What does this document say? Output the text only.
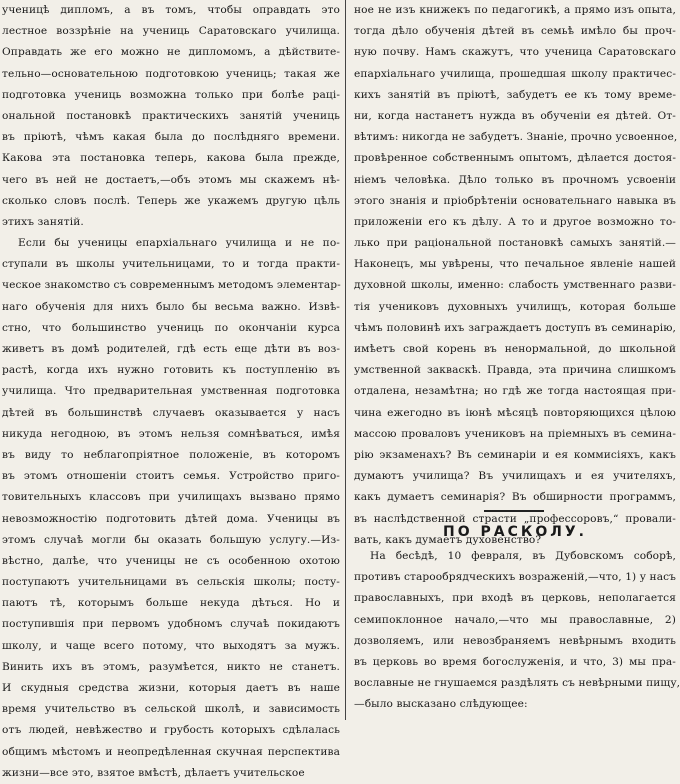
ученицѣ дипломъ, а въ томъ, чтобы оправдать это
лестное воззрѣніе на учениць Саратовскаго училища.
Оправдать же его можно не дипломомъ, а дѣйствите-
тельно—основательною подготовкою учениць; такая же
подготовка учениць возможна только при болѣе раці-
ональной постановкѣ практическихъ занятій учениць
въ пріютѣ, чѣмъ какая была до послѣдняго времени.
Какова эта постановка теперь, какова была прежде,
чего въ ней не достаетъ,—объ этомъ мы скажемъ нѣ-
сколько словъ послѣ. Теперь же укажемъ другую цѣль
этихъ занятій.
Если бы ученицы епархіальнаго училища и не по-
ступали въ школы учительницами, то и тогда практи-
ческое знакомство съ современнымъ методомъ элементар-
наго обученія для нихъ было бы весьма важно. Извѣ-
стно, что большинство учениць по окончаніи курса
живетъ въ домѣ родителей, гдѣ есть еще дѣти въ воз-
растѣ, когда ихъ нужно готовить къ поступленію въ
училища. Что предварительная умственная подготовка
дѣтей въ большинствѣ случаевъ оказывается у насъ
никуда негодною, въ этомъ нельзя сомнѣваться, имѣя
въ виду то неблагопріятное положеніе, въ которомъ
въ этомъ отношеніи стоитъ семья. Устройство приго-
товительныхъ классовъ при училищахъ вызвано прямо
невозможностію подготовить дѣтей дома. Ученицы въ
этомъ случаѣ могли бы оказать большую услугу.—Из-
вѣстно, далѣе, что ученицы не съ особенною охотою
поступаютъ учительницами въ сельскія школы; посту-
паютъ тѣ, которымъ больше некуда дѣться. Но и
поступившія при первомъ удобномъ случаѣ покидаютъ
школу, и чаще всего потому, что выходятъ за мужъ.
Винить ихъ въ этомъ, разумѣется, никто не станетъ.
И скудныя средства жизни, которыя даетъ въ наше
время учительство въ сельской школѣ, и зависимость
отъ людей, невѣжество и грубость которыхъ сдѣлалась
общимъ мѣстомъ и неопредѣленная скучная перспектива
жизни—все это, взятое вмѣстѣ, дѣлаетъ учительское
ное не изъ книжекъ по педагогикѣ, а прямо изъ опыта,
тогда дѣло обученія дѣтей въ семьѣ имѣло бы проч-
ную почву. Намъ скажутъ, что ученица Саратовскаго
епархіальнаго училища, прошедшая школу практичес-
кихъ занятій въ пріютѣ, забудетъ ее къ тому време-
ни, когда настанетъ нужда въ обученіи ея дѣтей. От-
вѣтимъ: никогда не забудетъ. Знаніе, прочно усвоенное,
провѣренное собственнымъ опытомъ, дѣлается достоя-
ніемъ человѣка. Дѣло только въ прочномъ усвоеніи
этого знанія и пріобрѣтеніи основательнаго навыка въ
приложеніи его къ дѣлу. А то и другое возможно то-
лько при раціональной постановкѣ самыхъ занятій.—
Наконецъ, мы увѣрены, что печальное явленіе нашей
духовной школы, именно: слабость умственнаго разви-
тія учениковъ духовныхъ училищъ, которая больше
чѣмъ половинѣ ихъ заграждаетъ доступъ въ семинарію,
имѣетъ свой корень въ ненормальной, до школьной
умственной закваскѣ. Правда, эта причина слишкомъ
отдалена, незамѣтна; но гдѣ же тогда настоящая при-
чина ежегодно въ іюнѣ мѣсяцѣ повторяющихся цѣлою
массою проваловъ учениковъ на пріемныхъ въ семина-
рію экзаменахъ? Въ семинаріи и ея коммисіяхъ, какъ
думаютъ училища? Въ училищахъ и ея учителяхъ,
какъ думаетъ семинарія? Въ обширности программъ,
въ наслѣдственной страсти „профессоровъ,“ провали-
вать, какъ думаетъ духовенство?
ПО РАСКОЛУ.
На бесѣдѣ, 10 февраля, въ Дубовскомъ соборѣ,
противъ старообрядческихъ возраженій,—что, 1) у насъ
православныхъ, при входѣ въ церковь, неполагается
семипоклонное начало,—что мы православные, 2)
дозволяемъ, или невозбраняемъ невѣрнымъ входить
въ церковь во время богослуженія, и что, 3) мы пра-
вославные не гнушаемся раздѣлять съ невѣрными пищу,
—было высказано слѣдующее:
